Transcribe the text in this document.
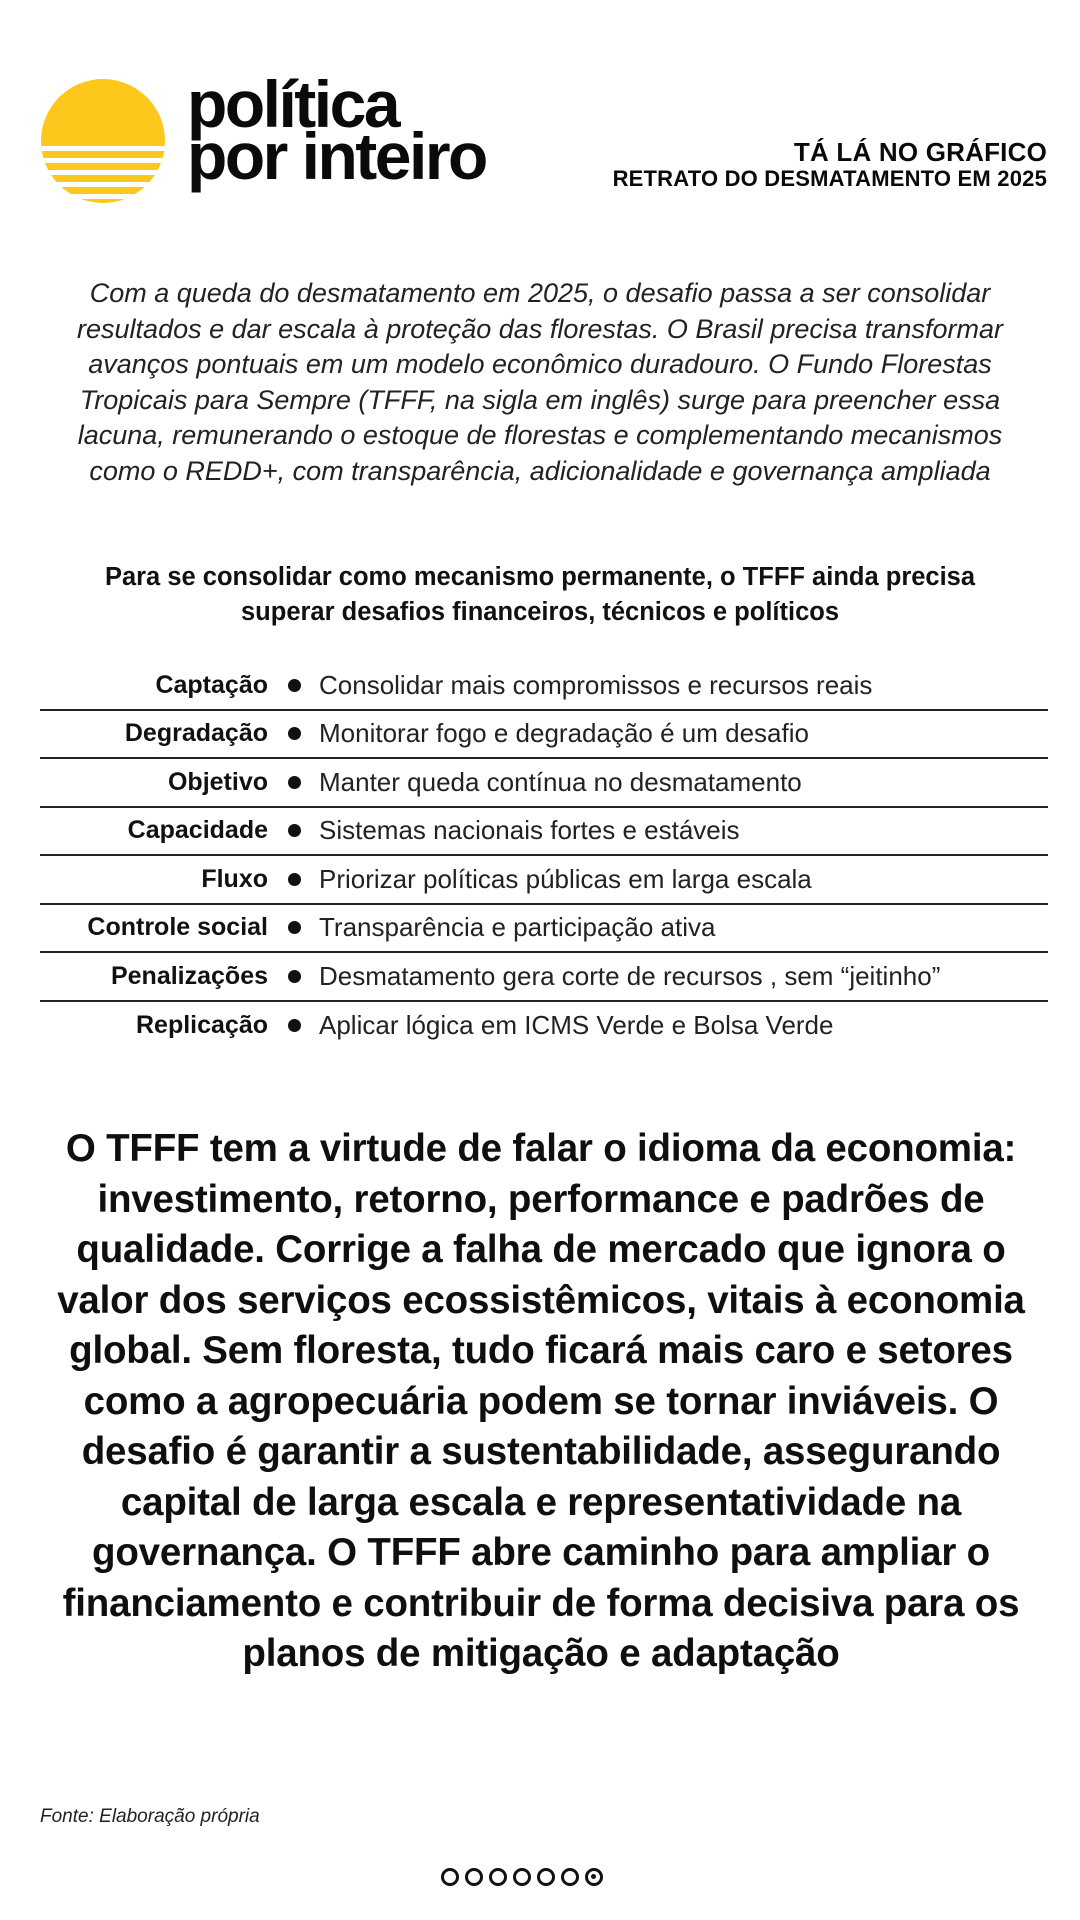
política
por inteiro	TÁ LÁ NO GRÁFICO
RETRATO DO DESMATAMENTO EM 2025

Com a queda do desmatamento em 2025, o desafio passa a ser consolidar resultados e dar escala à proteção das florestas. O Brasil precisa transformar avanços pontuais em um modelo econômico duradouro. O Fundo Florestas Tropicais para Sempre (TFFF, na sigla em inglês) surge para preencher essa lacuna, remunerando o estoque de florestas e complementando mecanismos como o REDD+, com transparência, adicionalidade e governança ampliada

Para se consolidar como mecanismo permanente, o TFFF ainda precisa superar desafios financeiros, técnicos e políticos

Captação Consolidar mais compromissos e recursos reais
Degradação Monitorar fogo e degradação é um desafio
Objetivo Manter queda contínua no desmatamento
Capacidade Sistemas nacionais fortes e estáveis
Fluxo Priorizar políticas públicas em larga escala
Controle social Transparência e participação ativa
Penalizações Desmatamento gera corte de recursos , sem “jeitinho”
Replicação Aplicar lógica em ICMS Verde e Bolsa Verde

O TFFF tem a virtude de falar o idioma da economia: investimento, retorno, performance e padrões de qualidade. Corrige a falha de mercado que ignora o valor dos serviços ecossistêmicos, vitais à economia global. Sem floresta, tudo ficará mais caro e setores como a agropecuária podem se tornar inviáveis. O desafio é garantir a sustentabilidade, assegurando capital de larga escala e representatividade na governança. O TFFF abre caminho para ampliar o financiamento e contribuir de forma decisiva para os planos de mitigação e adaptação

Fonte: Elaboração própria
